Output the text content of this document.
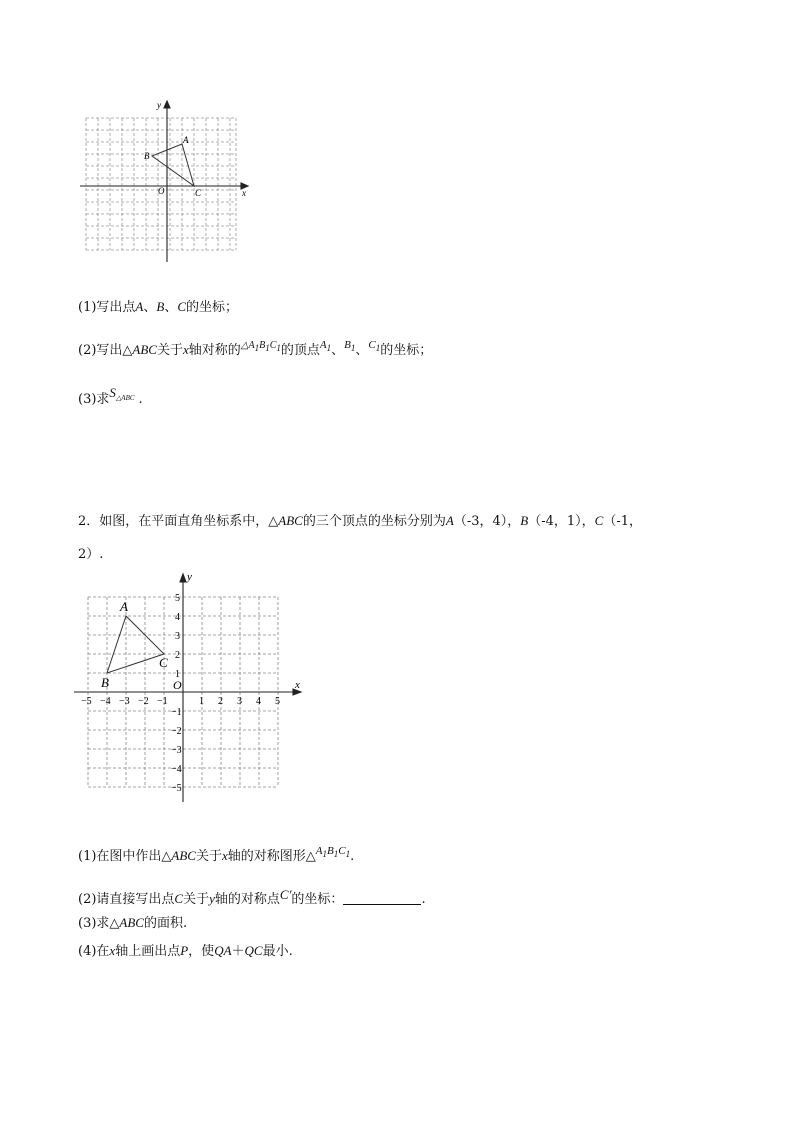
y
x
O
A
B
C
(1)写出点A、B、C的坐标；
(2)写出△ABC关于x轴对称的$^{\triangle A1B1C1}$的顶点$^{A_1}$、$^{B_1}$、$^{C_1}$的坐标；
(3)求$S_{\triangle ABC}$ .
2．如图，在平面直角坐标系中，△ABC的三个顶点的坐标分别为A（-3，4），B（-4，1），C（-1，
2）.
−5 −4 −3 −2 −1	1 2 3 4 5
5
4
3
2
1
−1
−2
−3
−4
−5
x
y
O
A
B
C
(1)在图中作出△ABC关于x轴的对称图形△$^{A_1B_1C_1}$.
(2)请直接写出点C关于y轴的对称点C′的坐标：	.
(3)求△ABC的面积.
(4)在x轴上画出点P，使QA＋QC最小.
